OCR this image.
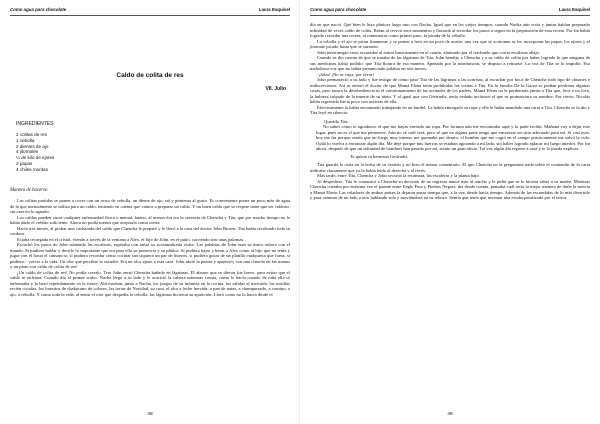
Como agua para chocolate	Laura Esquivel
Caldo de colita de res
VII. Julio
INGREDIENTES:
2 colitas de res
1 cebolla
2 dientes de ajo
4 jitomates
¼ de kilo de ejotes
2 papas
4 chiles moritas
Manera de hacerse:

Las colitas partidas se ponen a cocer con un trozo de cebolla, un diente de ajo, sal y pimienta al gusto. Es conveniente poner un poco más de agua de la que normalmente se utiliza para un caldo, teniendo en cuenta que vamos a preparar un caldo. Y un buen caldo que se respete tiene que ser caldoso, sin caer en lo aguado.

Los caldos pueden curar cualquier enfermedad física o mental, bueno, al menos ésa era la creencia de Chencha y Tita, que por mucho tiempo no le había dado el crédito suficiente. Ahora no podía menos que aceptarla como cierta.

Hacía tres meses, al probar una cucharada del caldo que Chencha le preparó y le llevó a la casa del doctor John Brown, Tita había recobrado toda su cordura.

Estaba recargada en el cristal, viendo a través de la ventana a Alex, el hijo de John, en el patio, corriendo tras unas palomas.

Escuchó los pasos de John subiendo las escaleras, esperaba con ansia su acostumbrada visita. Las palabras de John eran su único enlace con el mundo. Si pudiera hablar y decirle lo importante que era para ella su presencia y su plática. Si pudiera bajar y besar a Alex como al hijo que no tenía y jugar con él hasta el cansancio, si pudiera recordar cómo cocinar tan siquiera un par de huevos, si pudiera gozar de un platillo cualquiera que fuera, si pudiera... volver a la vida. Un olor que percibió la sacudió. Era un olor ajeno a esta casa. John abrió la puerta y apareció¡ con una charola en las manos y un plato con caldo de colita de res!

¡Un caldo de colita de res! No podía creerlo. Tras John entró Chencha bañada en lágrimas. El abrazo que se dieron fue breve, para evitar que el caldo se enfriara. Cuando dio el primer sorbo, Nacha llegó a su lado y le acarició la cabeza mientras comía, como lo hacía cuando de niña ella se enfermaba y la besó repetidamente en la frente. Ahí estaban, junto a Nacha, los juegos de su infancia en la cocina, las salidas al mercado, las tortillas recién cocidas, los huesitos de chabacano de colores, las tortas de Navidad, su casa, el olor a leche hervida, a pan de natas, a champurrado, a comino, a ajo, a cebolla. Y como toda la vida, al sentir el olor que despedía la cebolla, las lágrimas hicieron su aparición. Lloró como no lo hacía desde el

48
Como agua para chocolate	Laura Esquivel

día en que nació. Qué bien le hizo platicar largo rato con Nacha. Igual que en los viejos tiempos, cuando Nacha aún vivía y juntas habían preparado infinidad de veces caldo de colita. Reían al revivir esos momentos y llorarok al recordar los pasos a seguir en la preparación de esta receta. Por fin había logrado recordar una receta, al rememorar como primer paso, la picada de la cebolla.

La cebolla y el ajo se pican finamente y se ponen a freír en un poco de aceite; una vez que se acitronan se les incorporan las papas, los ejotes y el jitomate picado hasta que se sazonen.

John interrumpió estos recuerdos al entrar bruscamente en el cuarto, alarmado por el riachuelo que corría escaleras abajo.

Cuando se dio cuenta de que se trataba de las lágrimas de Tita, John bendijo a Chencha y a su caldo de colita por haber logrado lo que ninguna de sus medicinas había podido: que Tita llorara de esa manera. Apenado por la intromisión, se dispuso a retirarse. La voz de Tita se lo impidió. Esa melodiosa voz que no había pronunciado palabra en seis meses:

-¡John! ¡No se vaya, por favor!

John permaneció a su lado y fue testigo de cómo pasó Tita de las lágrimas a las sonrisas, al escuchar por boca de Chencha todo tipo de chismes e indiscreciones. Así se enteró el doctor de que Mamá Elena tenía prohibidas las visitas a Tita. En la familia De la Garza se podían perdonar algunas cosas, pero nunca la desobediencia ni el cuestionamiento de las actitudes de los padres. Mamá Elena no le perdonaría jamás a Tita que, loca o no loca, la hubiera culpado de la muerte de su nieto. Y al igual que con Gertrudis, tenía vedado inclusive el que se pronunciara su nombre. Por cierto, Nicolás había regresado hacía poco con noticias de ella.

Efectivamente la había encontrado trabajando en un burdel. Le había entregado su ropa y ella le había mandado una carta a Tita. Chencha se la dio y Tita leyó en silencio:

Querida Tita:

No sabes cómo te agradezco el que me hayas enviado mi ropa. Por fortuna aún me encontraba aquí y la pude recibir. Mañana voy a dejar este lugar, pues no es el que me pertenece. Aún no sé cuál será, pero sé que en alguna parte tengo que encontrar un sitio adecuado para mí. Si casi ayer, hoy me fui porque sentía que un fuego muy intenso me quemaba por dentro, el hombre que me cogió en el campo prácticamente me salvó la vida. Ojalá lo vuelva a encontrar algún día. Me dejé porque mis fuerzas se estaban agotando a mi lado, sin haber logrado aplacar mi fuego interior. Por fin ahora, después de que un infinidad de hombres han pasado por mí, siento un gran alivio. Tal vez algún día regrese a casa y te lo pueda explicar.

Te quiere tu hermana Gertrudis.

Tita guardó la carta en la bolsa de su vestido y no hizo el menor comentario. El que Chencha no le preguntara nada sobre el contenido de la carta indicaba claramente que ya la había leído al derecho y al revés.

Más tarde, entre Tita, Chencha y John secaron la recámara, las escaleras y la planta baja.

Al despedirse, Tita le comunicó a Chencha su decisión de no regresar nunca más al rancho y le pidió que se lo hiciera saber a su madre. Mientras Chencha cruzaba por enésima vez el puente entre Eagle Pass y Piedras Negras, iba desde cuenta, pensaba cuál sería la mejor manera de darle la noticia a Mamá Elena. Las celadores de ambos países la dejaron pasar tiempo que, a la vez, desde hacía tiempo. Además de las escondidas de lo más divertido y para caminar de un lado a otro hablando sola y moviéndose en su rebozo. Sentía que tenía que inventar una estaba paralizado por el terror.

49
